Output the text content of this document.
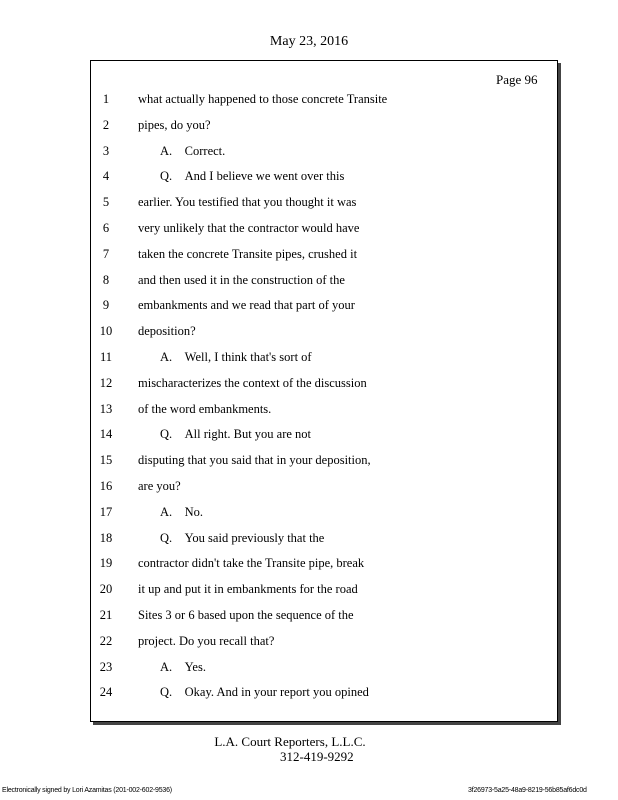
May 23, 2016
Page 96
1	what actually happened to those concrete Transite
2	pipes, do you?
3	A.    Correct.
4	Q.    And I believe we went over this
5	earlier. You testified that you thought it was
6	very unlikely that the contractor would have
7	taken the concrete Transite pipes, crushed it
8	and then used it in the construction of the
9	embankments and we read that part of your
10	deposition?
11	A.    Well, I think that's sort of
12	mischaracterizes the context of the discussion
13	of the word embankments.
14	Q.    All right. But you are not
15	disputing that you said that in your deposition,
16	are you?
17	A.    No.
18	Q.    You said previously that the
19	contractor didn't take the Transite pipe, break
20	it up and put it in embankments for the road
21	Sites 3 or 6 based upon the sequence of the
22	project. Do you recall that?
23	A.    Yes.
24	Q.    Okay. And in your report you opined
L.A. Court Reporters, L.L.C.
312-419-9292
Electronically signed by Lori Azamitas (201-002-602-9536)	3f26973-5a25-48a9-8219-56b85af6dc0d
